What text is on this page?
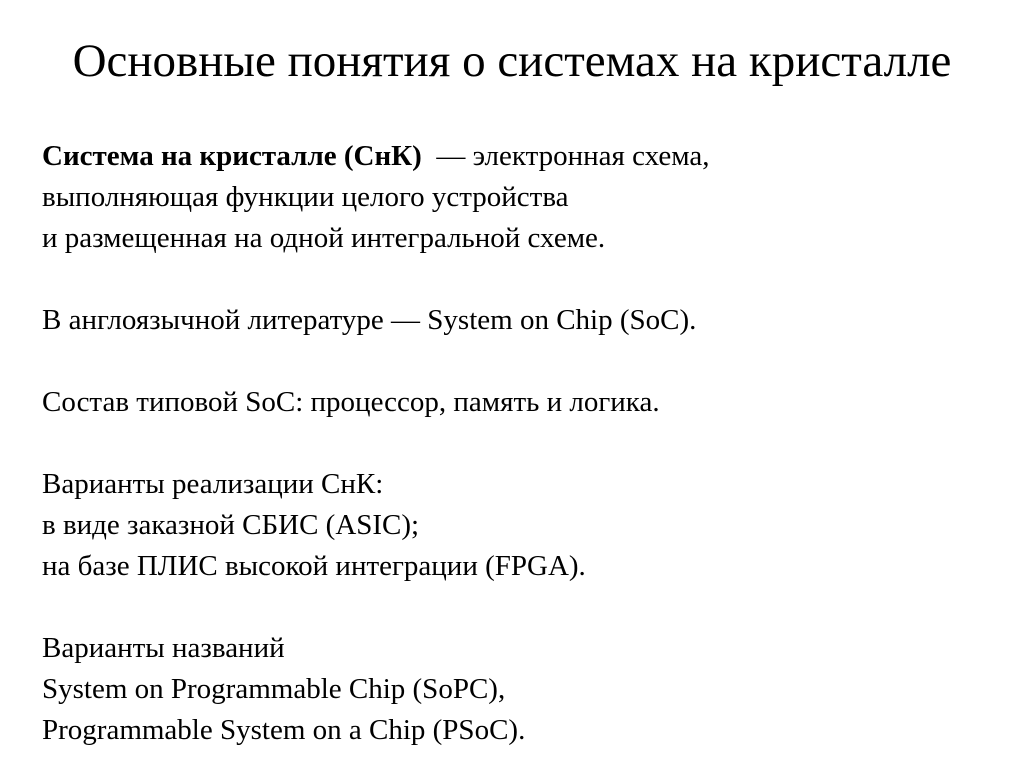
Основные понятия о системах на кристалле
Система на кристалле (СнК)  — электронная схема,
выполняющая функции целого устройства
и размещенная на одной интегральной схеме.
В англоязычной литературе — System on Chip (SoC).
Состав типовой SoC: процессор, память и логика.
Варианты реализации СнК:
в виде заказной СБИС (ASIC);
на базе ПЛИС высокой интеграции (FPGA).
Варианты названий
System on Programmable Chip (SoPC),
Programmable System on a Chip (PSoC).
